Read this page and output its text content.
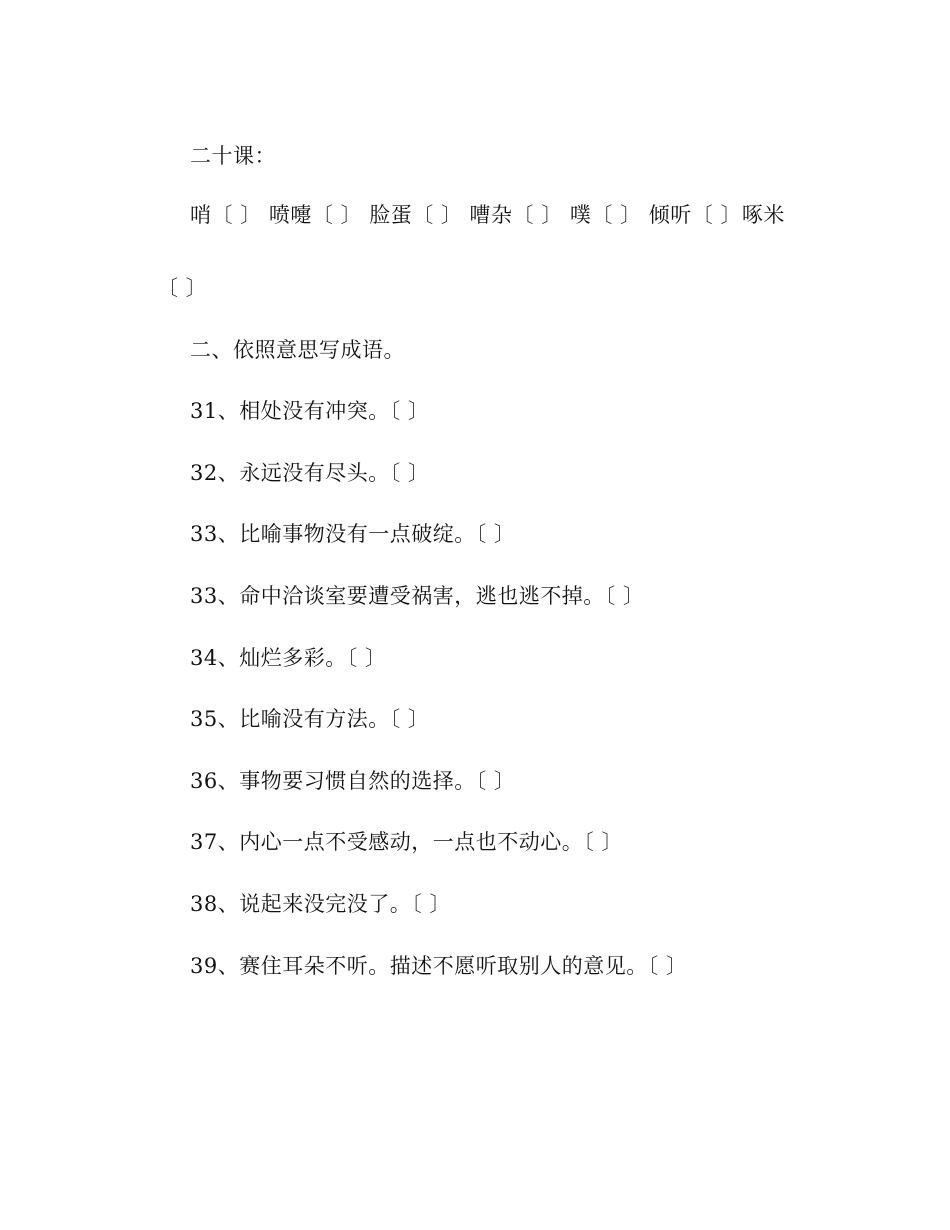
二十课：
哨〔 〕 喷嚏〔 〕 脸蛋〔 〕 嘈杂〔 〕 噗〔 〕 倾听〔 〕啄米
〔 〕
二、依照意思写成语。
31、相处没有冲突。〔 〕
32、永远没有尽头。〔 〕
33、比喻事物没有一点破绽。〔 〕
33、命中洽谈室要遭受祸害，逃也逃不掉。〔 〕
34、灿烂多彩。〔 〕
35、比喻没有方法。〔 〕
36、事物要习惯自然的选择。〔 〕
37、内心一点不受感动，一点也不动心。〔 〕
38、说起来没完没了。〔 〕
39、赛住耳朵不听。描述不愿听取别人的意见。〔 〕
